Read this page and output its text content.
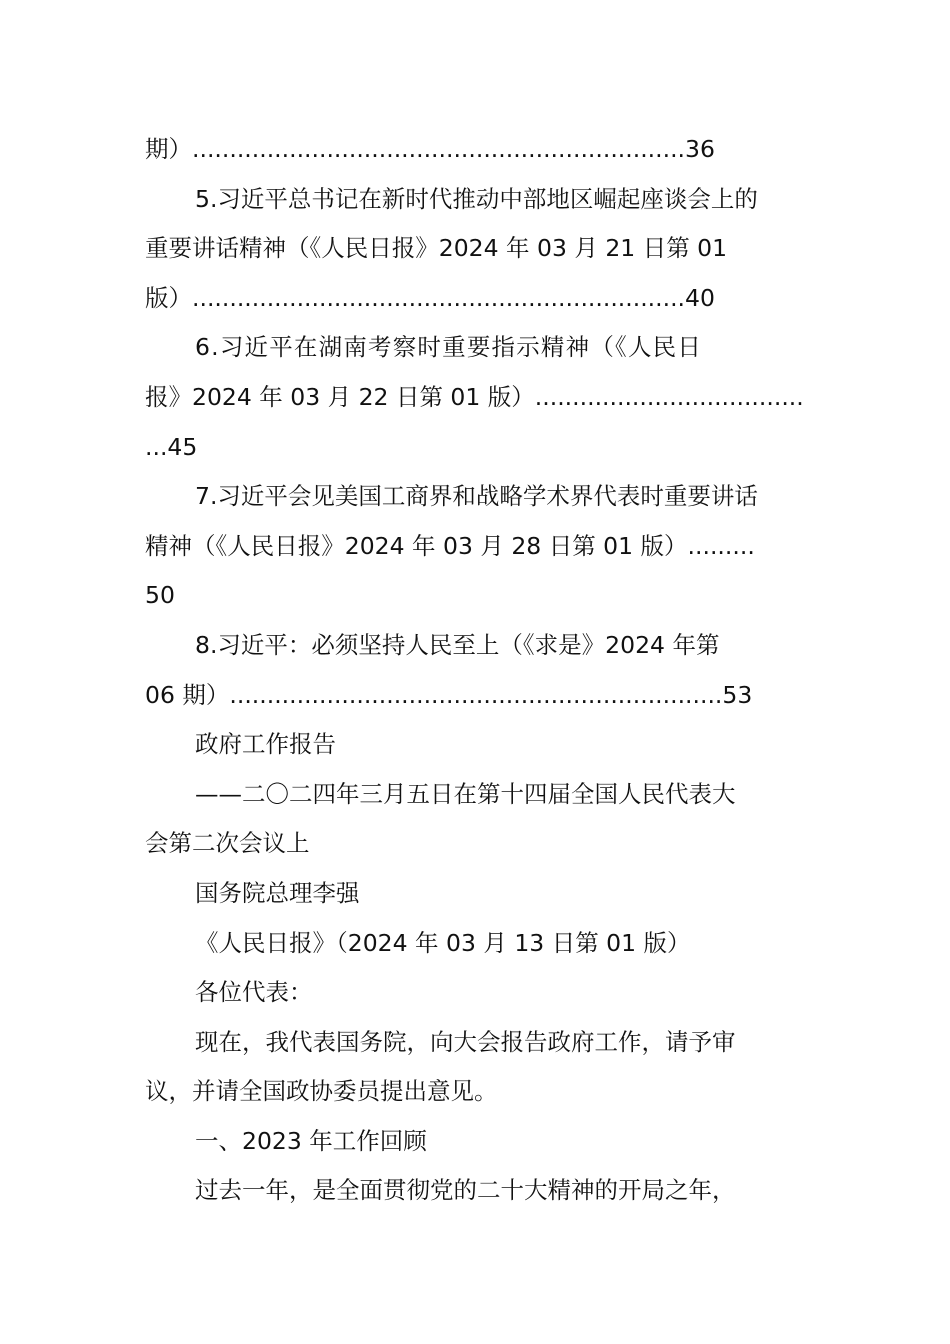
期）..................................................................36
5.习近平总书记在新时代推动中部地区崛起座谈会上的
重要讲话精神（《人民日报》2024 年 03 月 21 日第 01
版）..................................................................40
6.习近平在湖南考察时重要指示精神（《人民日
报》2024 年 03 月 22 日第 01 版）....................................
...45
7.习近平会见美国工商界和战略学术界代表时重要讲话
精神（《人民日报》2024 年 03 月 28 日第 01 版）.........
50
8.习近平：必须坚持人民至上（《求是》2024 年第
06 期）..................................................................53
政府工作报告
——二〇二四年三月五日在第十四届全国人民代表大
会第二次会议上
国务院总理李强
《人民日报》（2024 年 03 月 13 日第 01 版）
各位代表：
现在，我代表国务院，向大会报告政府工作，请予审
议，并请全国政协委员提出意见。
一、2023 年工作回顾
过去一年，是全面贯彻党的二十大精神的开局之年，
